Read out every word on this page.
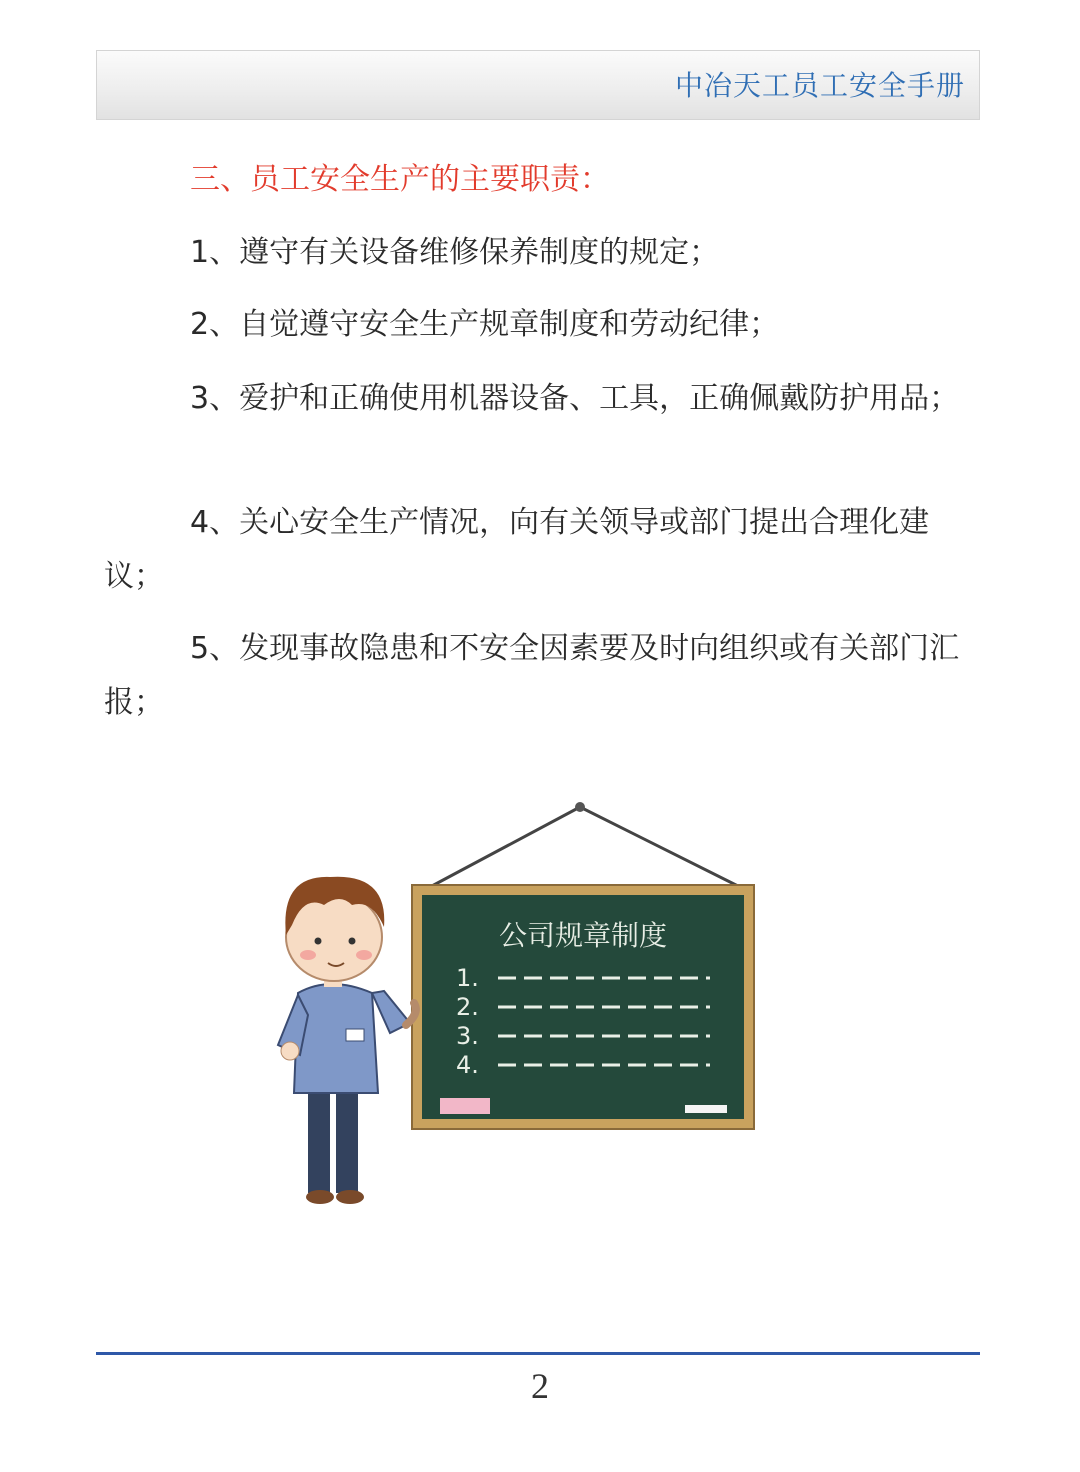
中冶天工员工安全手册
三、员工安全生产的主要职责：

1、遵守有关设备维修保养制度的规定；

2、自觉遵守安全生产规章制度和劳动纪律；

3、爱护和正确使用机器设备、工具，正确佩戴防护用品；

4、关心安全生产情况，向有关领导或部门提出合理化建议；

5、发现事故隐患和不安全因素要及时向组织或有关部门汇报；

公司规章制度
1.
2.
3.
4.
2
